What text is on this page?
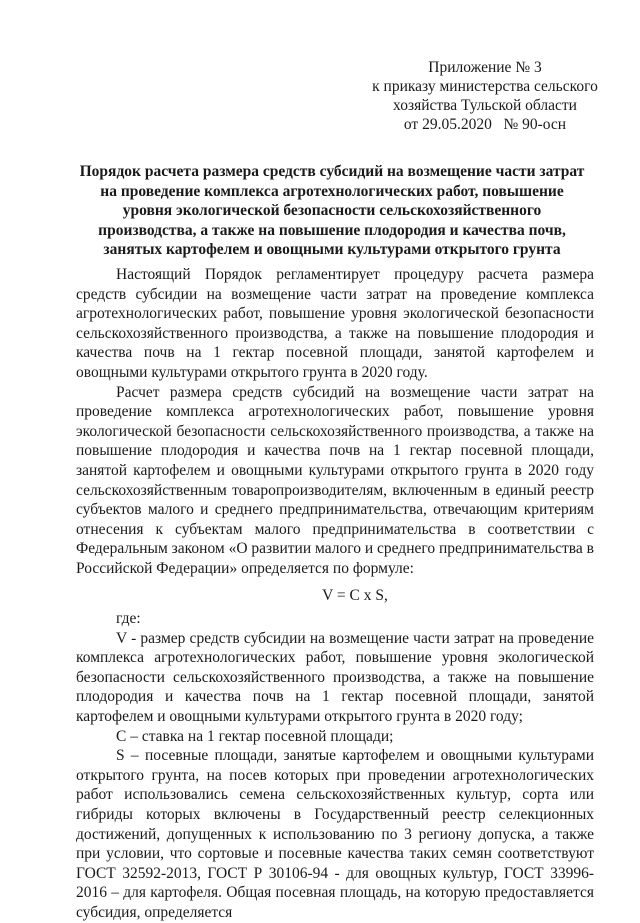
Приложение № 3
к приказу министерства сельского
хозяйства Тульской области
от 29.05.2020   № 90-осн
Порядок расчета размера средств субсидий на возмещение части затрат на проведение комплекса агротехнологических работ, повышение уровня экологической безопасности сельскохозяйственного производства, а также на повышение плодородия и качества почв, занятых картофелем и овощными культурами открытого грунта

Настоящий Порядок регламентирует процедуру расчета размера средств субсидии на возмещение части затрат на проведение комплекса агротехнологических работ, повышение уровня экологической безопасности сельскохозяйственного производства, а также на повышение плодородия и качества почв на 1 гектар посевной площади, занятой картофелем и овощными культурами открытого грунта в 2020 году.

Расчет размера средств субсидий на возмещение части затрат на проведение комплекса агротехнологических работ, повышение уровня экологической безопасности сельскохозяйственного производства, а также на повышение плодородия и качества почв на 1 гектар посевной площади, занятой картофелем и овощными культурами открытого грунта в 2020 году сельскохозяйственным товаропроизводителям, включенным в единый реестр субъектов малого и среднего предпринимательства, отвечающим критериям отнесения к субъектам малого предпринимательства в соответствии с Федеральным законом «О развитии малого и среднего предпринимательства в Российской Федерации» определяется по формуле:

V = C x S,

где:

V - размер средств субсидии на возмещение части затрат на проведение комплекса агротехнологических работ, повышение уровня экологической безопасности сельскохозяйственного производства, а также на повышение плодородия и качества почв на 1 гектар посевной площади, занятой картофелем и овощными культурами открытого грунта в 2020 году;

С – ставка на 1 гектар посевной площади;

S – посевные площади, занятые картофелем и овощными культурами открытого грунта, на посев которых при проведении агротехнологических работ использовались семена сельскохозяйственных культур, сорта или гибриды которых включены в Государственный реестр селекционных достижений, допущенных к использованию по 3 региону допуска, а также при условии, что сортовые и посевные качества таких семян соответствуют ГОСТ 32592-2013, ГОСТ Р 30106-94 - для овощных культур, ГОСТ 33996-2016 – для картофеля. Общая посевная площадь, на которую предоставляется субсидия, определяется
